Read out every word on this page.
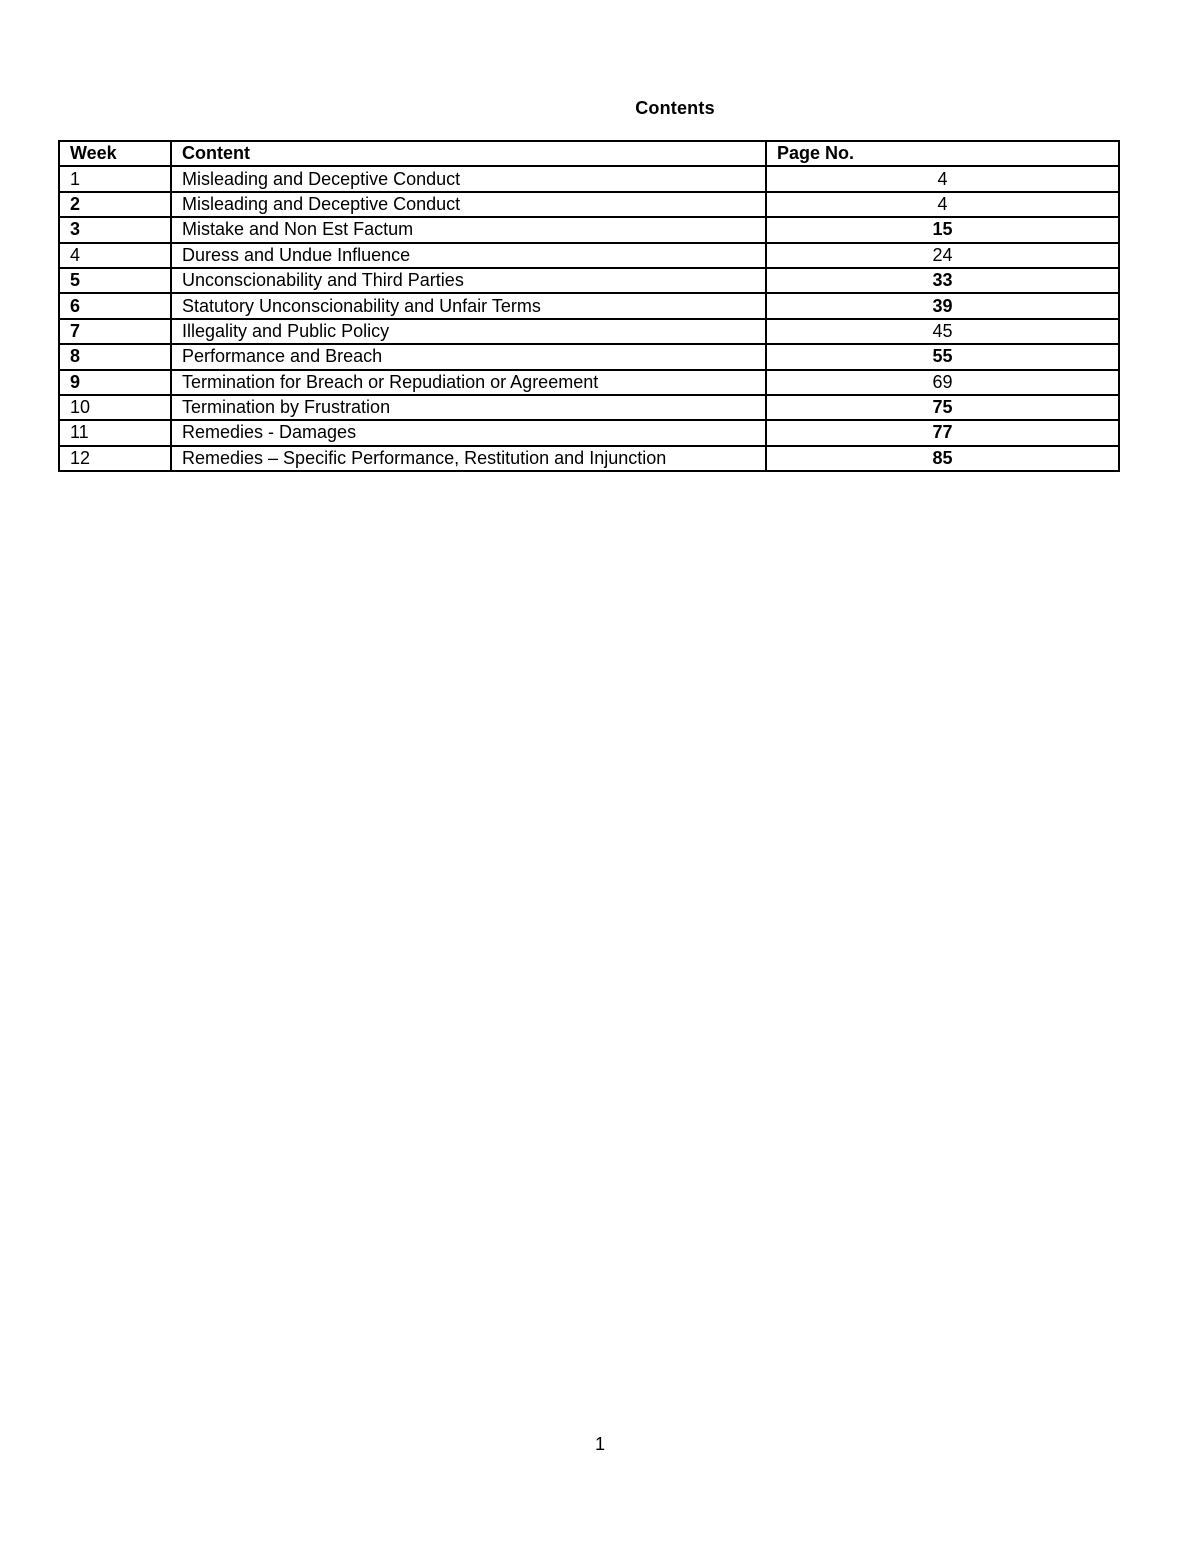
Contents
Week	Content	Page No.
1	Misleading and Deceptive Conduct	4
2	Misleading and Deceptive Conduct	4
3	Mistake and Non Est Factum	15
4	Duress and Undue Influence	24
5	Unconscionability and Third Parties	33
6	Statutory Unconscionability and Unfair Terms	39
7	Illegality and Public Policy	45
8	Performance and Breach	55
9	Termination for Breach or Repudiation or Agreement	69
10	Termination by Frustration	75
11	Remedies - Damages	77
12	Remedies – Specific Performance, Restitution and Injunction	85
1
